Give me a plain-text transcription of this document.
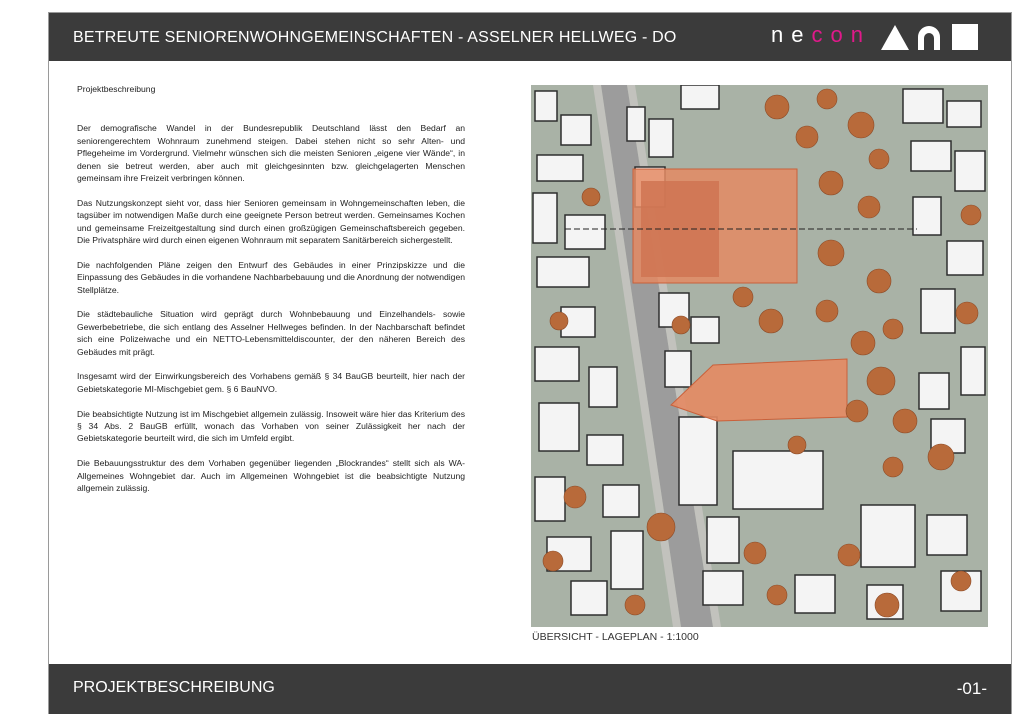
BETREUTE SENIORENWOHNGEMEINSCHAFTEN - ASSELNER HELLWEG - DO	necon
Projektbeschreibung

Der demografische Wandel in der Bundesrepublik Deutschland lässt den Bedarf an seniorengerechtem Wohnraum zunehmend steigen. Dabei stehen nicht so sehr Alten- und Pflegeheime im Vordergrund. Vielmehr wünschen sich die meisten Senioren „eigene vier Wände“, in denen sie betreut werden, aber auch mit gleichgesinnten bzw. gleichgelagerten Menschen gemeinsam ihre Freizeit verbringen können.

Das Nutzungskonzept sieht vor, dass hier Senioren gemeinsam in Wohngemeinschaften leben, die tagsüber im notwendigen Maße durch eine geeignete Person betreut werden. Gemeinsames Kochen und gemeinsame Freizeitgestaltung sind durch einen großzügigen Gemeinschaftsbereich gegeben. Die Privatsphäre wird durch einen eigenen Wohnraum mit separatem Sanitärbereich sichergestellt.

Die nachfolgenden Pläne zeigen den Entwurf des Gebäudes in einer Prinzipskizze und die Einpassung des Gebäudes in die vorhandene Nachbarbebauung und die Anordnung der notwendigen Stellplätze.

Die städtebauliche Situation wird geprägt durch Wohnbebauung und Einzelhandels- sowie Gewerbebetriebe, die sich entlang des Asselner Hellweges befinden. In der Nachbarschaft befindet sich eine Polizeiwache und ein NETTO-Lebensmitteldiscounter, der den näheren Bereich des Gebäudes mit prägt.

Insgesamt wird der Einwirkungsbereich des Vorhabens gemäß § 34 BauGB beurteilt, hier nach der Gebietskategorie MI-Mischgebiet gem. § 6 BauNVO.

Die beabsichtigte Nutzung ist im Mischgebiet allgemein zulässig. Insoweit wäre hier das Kriterium des § 34 Abs. 2 BauGB erfüllt, wonach das Vorhaben von seiner Zulässigkeit her nach der Gebietskategorie beurteilt wird, die sich im Umfeld ergibt.

Die Bebauungsstruktur des dem Vorhaben gegenüber liegenden „Blockrandes“ stellt sich als WA-Allgemeines Wohngebiet dar. Auch im Allgemeinen Wohngebiet ist die beabsichtigte Nutzung allgemein zulässig.

ÜBERSICHT - LAGEPLAN - 1:1000
PROJEKTBESCHREIBUNG	-01-
